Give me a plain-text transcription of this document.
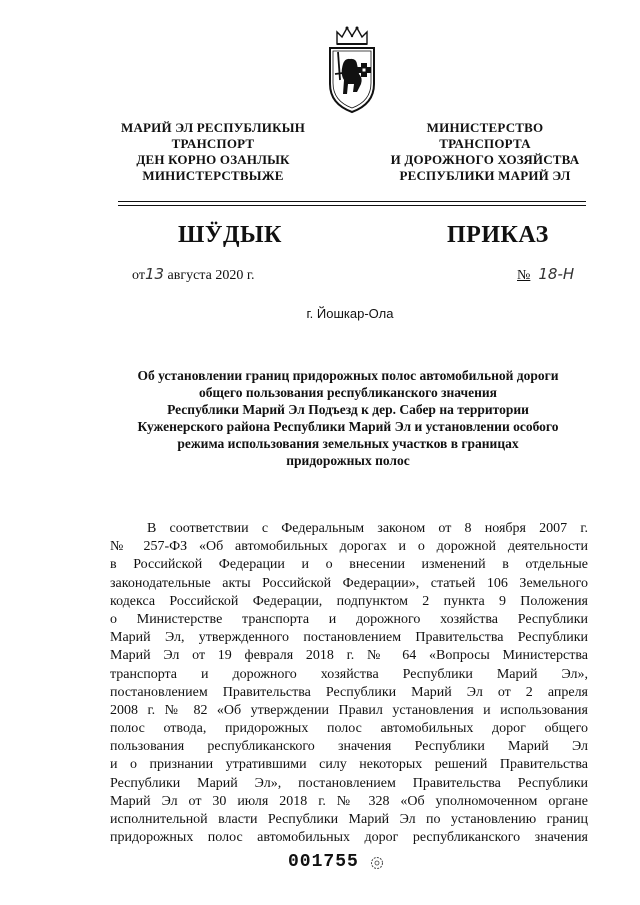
МАРИЙ ЭЛ РЕСПУБЛИКЫН
ТРАНСПОРТ
ДЕН КОРНО ОЗАНЛЫК
МИНИСТЕРСТВЫЖЕ
МИНИСТЕРСТВО
ТРАНСПОРТА
И ДОРОЖНОГО ХОЗЯЙСТВА
РЕСПУБЛИКИ МАРИЙ ЭЛ
ШӰДЫК	ПРИКАЗ
от13 августа 2020 г.	№ 18-Н
г. Йошкар-Ола
Об установлении границ придорожных полос автомобильной дороги
общего пользования республиканского значения
Республики Марий Эл Подъезд к дер. Сабер на территории
Куженерского района Республики Марий Эл и установлении особого
режима использования земельных участков в границах
придорожных полос
В соответствии с Федеральным законом от 8 ноября 2007 г.
№ 257-ФЗ «Об автомобильных дорогах и о дорожной деятельности
в Российской Федерации и о внесении изменений в отдельные
законодательные акты Российской Федерации», статьей 106 Земельного
кодекса Российской Федерации, подпунктом 2 пункта 9 Положения
о Министерстве транспорта и дорожного хозяйства Республики
Марий Эл, утвержденного постановлением Правительства Республики
Марий Эл от 19 февраля 2018 г. № 64 «Вопросы Министерства
транспорта и дорожного хозяйства Республики Марий Эл»,
постановлением Правительства Республики Марий Эл от 2 апреля
2008 г. № 82 «Об утверждении Правил установления и использования
полос отвода, придорожных полос автомобильных дорог общего
пользования республиканского значения Республики Марий Эл
и о признании утратившими силу некоторых решений Правительства
Республики Марий Эл», постановлением Правительства Республики
Марий Эл от 30 июля 2018 г. № 328 «Об уполномоченном органе
исполнительной власти Республики Марий Эл по установлению границ
придорожных полос автомобильных дорог республиканского значения
001755
